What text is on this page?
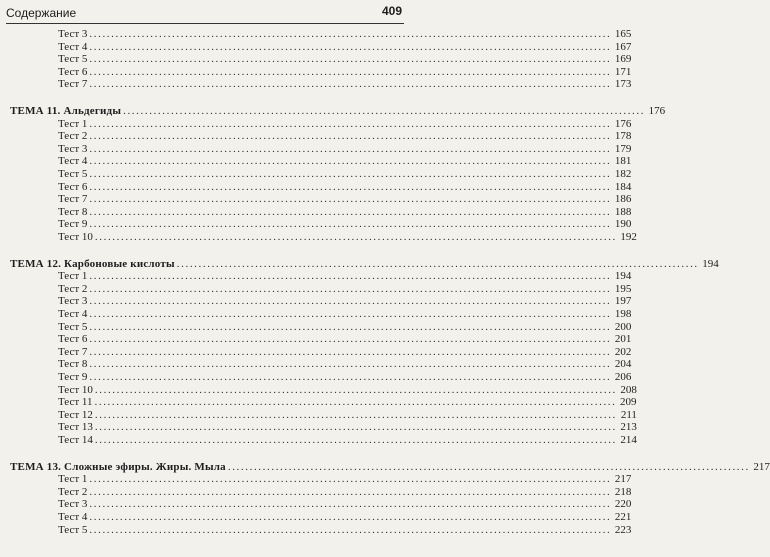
Содержание	409
Тест 3 ........................................................................................................................ 165
Тест 4 ........................................................................................................................ 167
Тест 5 ........................................................................................................................ 169
Тест 6 ........................................................................................................................ 171
Тест 7 ........................................................................................................................ 173
ТЕМА 11. Альдегиды ........................................................................................................................ 176
Тест 1 ........................................................................................................................ 176
Тест 2 ........................................................................................................................ 178
Тест 3 ........................................................................................................................ 179
Тест 4 ........................................................................................................................ 181
Тест 5 ........................................................................................................................ 182
Тест 6 ........................................................................................................................ 184
Тест 7 ........................................................................................................................ 186
Тест 8 ........................................................................................................................ 188
Тест 9 ........................................................................................................................ 190
Тест 10 ........................................................................................................................ 192
ТЕМА 12. Карбоновые кислоты ........................................................................................................................ 194
Тест 1 ........................................................................................................................ 194
Тест 2 ........................................................................................................................ 195
Тест 3 ........................................................................................................................ 197
Тест 4 ........................................................................................................................ 198
Тест 5 ........................................................................................................................ 200
Тест 6 ........................................................................................................................ 201
Тест 7 ........................................................................................................................ 202
Тест 8 ........................................................................................................................ 204
Тест 9 ........................................................................................................................ 206
Тест 10 ........................................................................................................................ 208
Тест 11 ........................................................................................................................ 209
Тест 12 ........................................................................................................................ 211
Тест 13 ........................................................................................................................ 213
Тест 14 ........................................................................................................................ 214
ТЕМА 13. Сложные эфиры. Жиры. Мыла ........................................................................................................................ 217
Тест 1 ........................................................................................................................ 217
Тест 2 ........................................................................................................................ 218
Тест 3 ........................................................................................................................ 220
Тест 4 ........................................................................................................................ 221
Тест 5 ........................................................................................................................ 223
